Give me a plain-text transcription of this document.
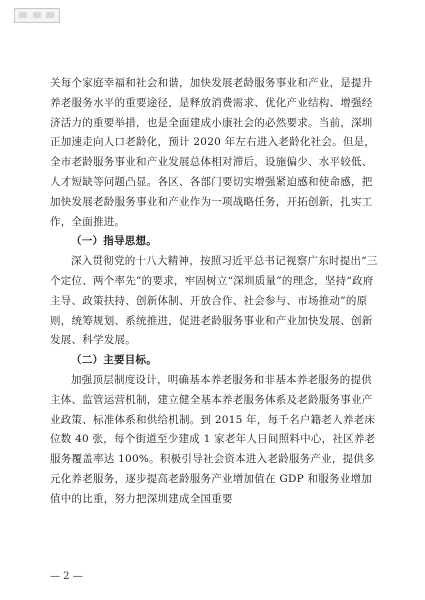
关每个家庭幸福和社会和谐，加快发展老龄服务事业和产业，是提升养老服务水平的重要途径，是释放消费需求、优化产业结构、增强经济活力的重要举措，也是全面建成小康社会的必然要求。当前，深圳正加速走向人口老龄化，预计 2020 年左右进入老龄化社会。但是，全市老龄服务事业和产业发展总体相对滞后，设施偏少、水平较低、人才短缺等问题凸显。各区、各部门要切实增强紧迫感和使命感，把加快发展老龄服务事业和产业作为一项战略任务，开拓创新，扎实工作，全面推进。

（一）指导思想。

深入贯彻党的十八大精神，按照习近平总书记视察广东时提出“三个定位、两个率先”的要求，牢固树立“深圳质量”的理念，坚持“政府主导、政策扶持、创新体制、开放合作、社会参与、市场推动”的原则，统筹规划、系统推进，促进老龄服务事业和产业加快发展、创新发展、科学发展。

（二）主要目标。

加强顶层制度设计，明确基本养老服务和非基本养老服务的提供主体、监管运营机制，建立健全基本养老服务体系及老龄服务事业产业政策、标准体系和供给机制。到 2015 年，每千名户籍老人养老床位数 40 张，每个街道至少建成 1 家老年人日间照料中心，社区养老服务覆盖率达 100%。积极引导社会资本进入老龄服务产业，提供多元化养老服务，逐步提高老龄服务产业增加值在 GDP 和服务业增加值中的比重，努力把深圳建成全国重要

— 2 —
